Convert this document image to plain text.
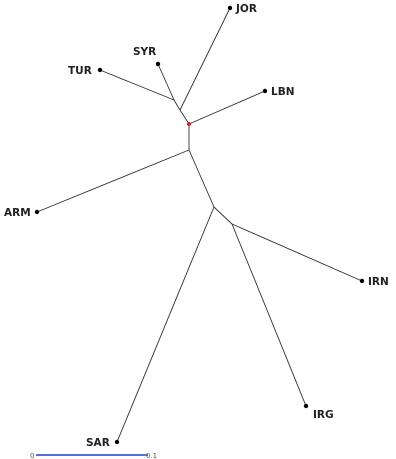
JOR
SYR
TUR
LBN
ARM
IRN
IRG
SAR
0	0.1
